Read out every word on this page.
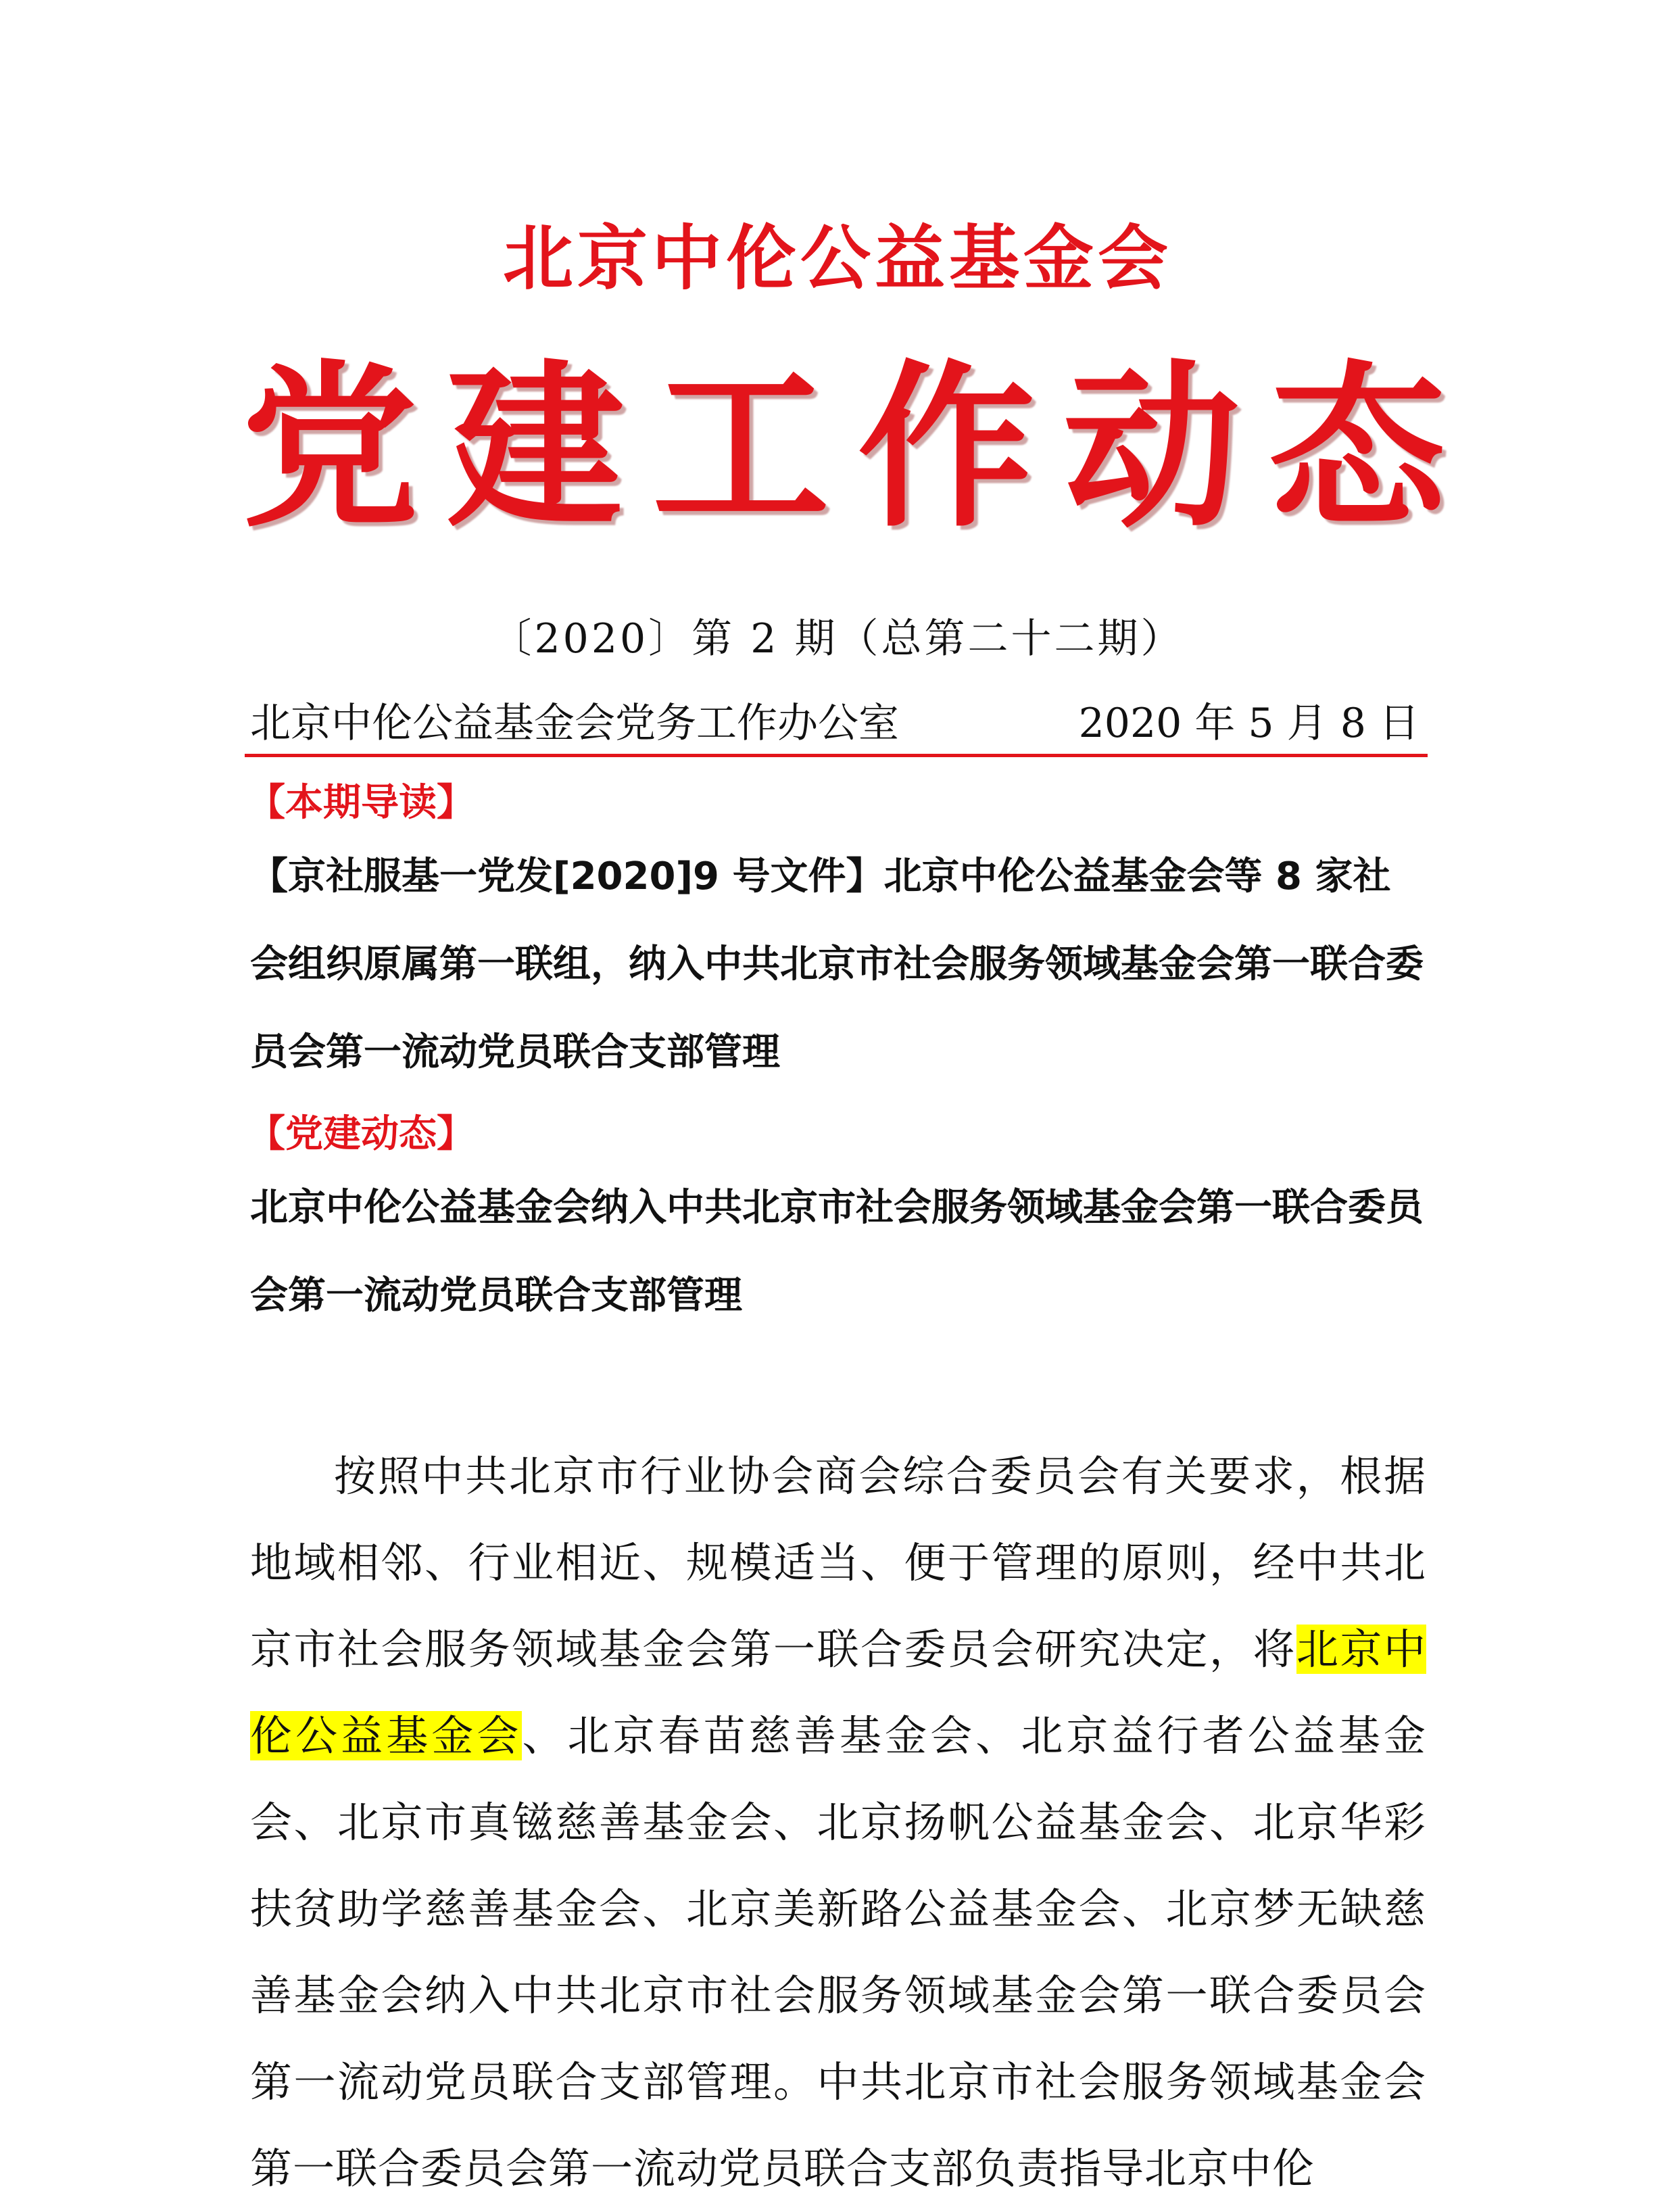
北京中伦公益基金会
党建工作动态
〔2020〕第 2 期（总第二十二期）
北京中伦公益基金会党务工作办公室	2020 年 5 月 8 日
【本期导读】

【京社服基一党发[2020]9 号文件】北京中伦公益基金会等 8 家社会组织原属第一联组，纳入中共北京市社会服务领域基金会第一联合委员会第一流动党员联合支部管理

【党建动态】

北京中伦公益基金会纳入中共北京市社会服务领域基金会第一联合委员会第一流动党员联合支部管理

按照中共北京市行业协会商会综合委员会有关要求，根据地域相邻、行业相近、规模适当、便于管理的原则，经中共北京市社会服务领域基金会第一联合委员会研究决定，将北京中伦公益基金会、北京春苗慈善基金会、北京益行者公益基金会、北京市真镃慈善基金会、北京扬帆公益基金会、北京华彩扶贫助学慈善基金会、北京美新路公益基金会、北京梦无缺慈善基金会纳入中共北京市社会服务领域基金会第一联合委员会第一流动党员联合支部管理。中共北京市社会服务领域基金会第一联合委员会第一流动党员联合支部负责指导北京中伦
